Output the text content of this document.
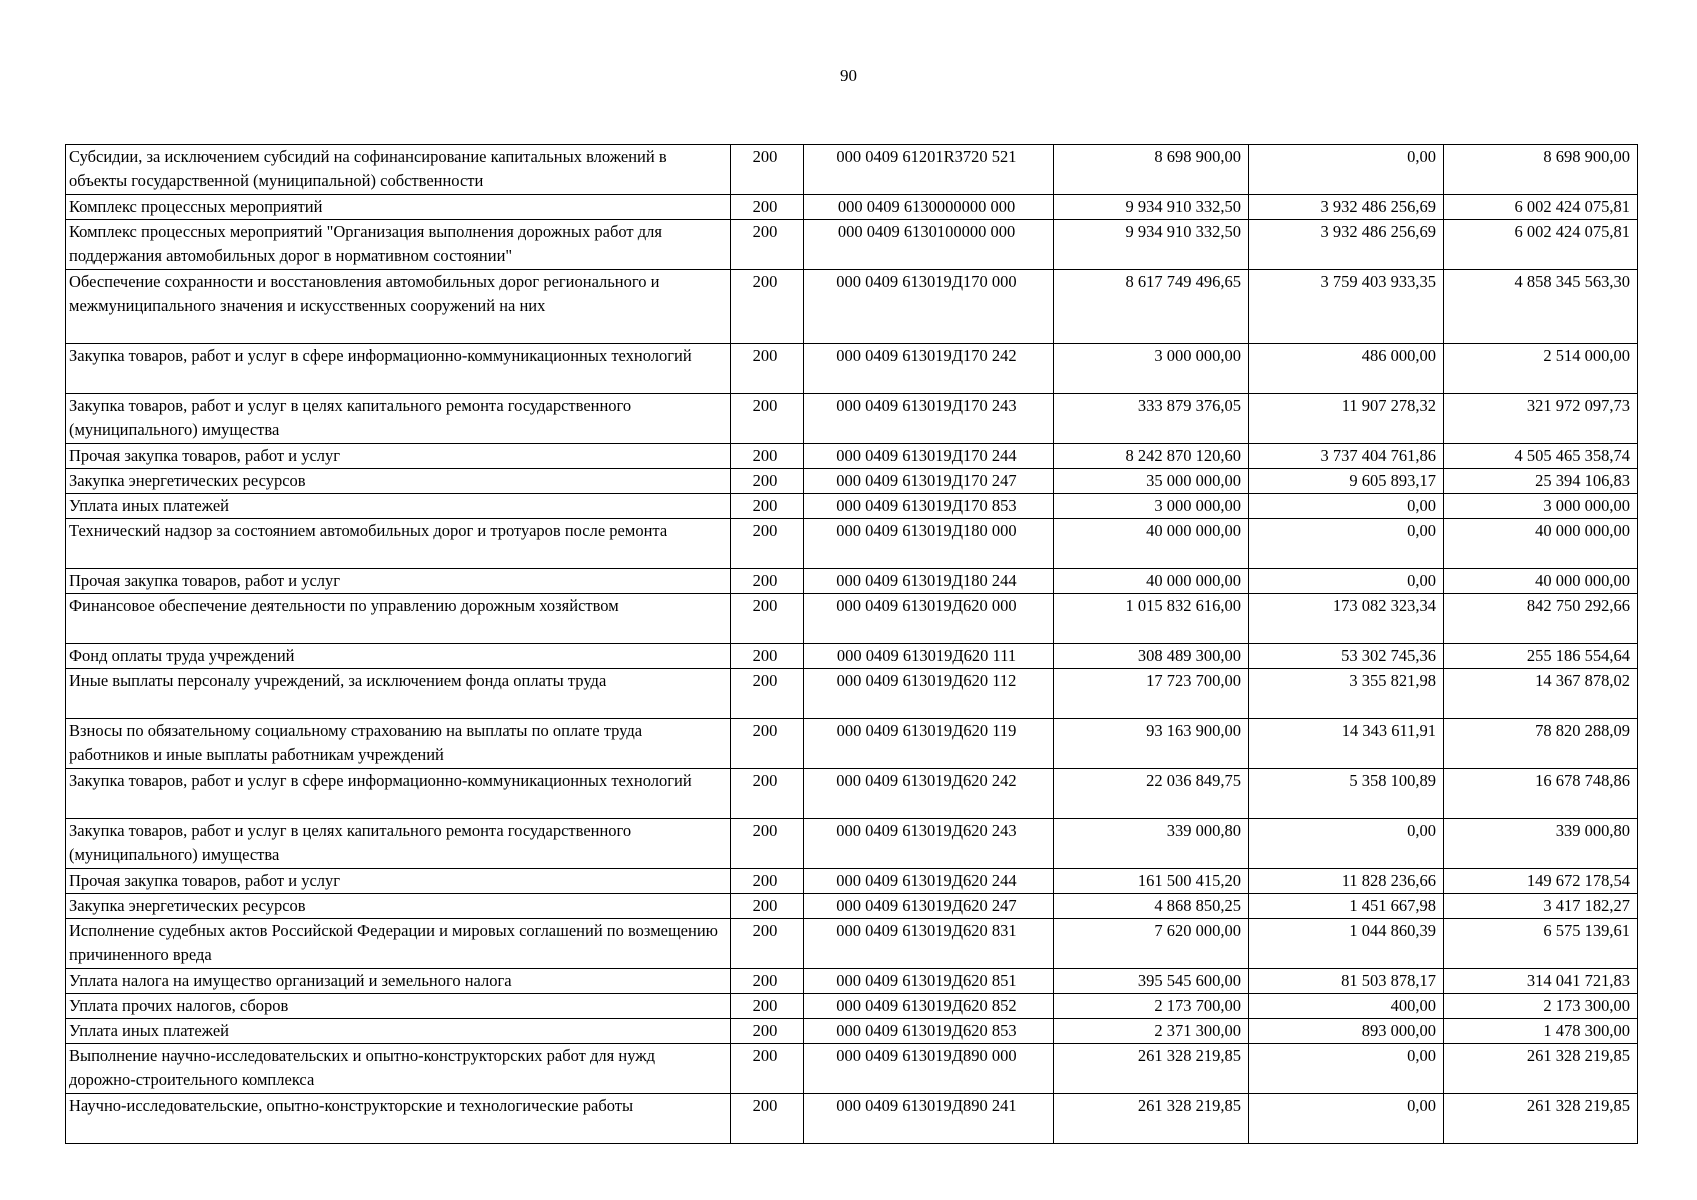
90
Субсидии, за исключением субсидий на софинансирование капитальных вложений в объекты государственной (муниципальной) собственности	200	000 0409 61201R3720 521	8 698 900,00	0,00	8 698 900,00
Комплекс процессных мероприятий	200	000 0409 6130000000 000	9 934 910 332,50	3 932 486 256,69	6 002 424 075,81
Комплекс процессных мероприятий "Организация выполнения дорожных работ для поддержания автомобильных дорог в нормативном состоянии"	200	000 0409 6130100000 000	9 934 910 332,50	3 932 486 256,69	6 002 424 075,81
Обеспечение сохранности и восстановления автомобильных дорог регионального и межмуниципального значения и искусственных сооружений на них	200	000 0409 613019Д170 000	8 617 749 496,65	3 759 403 933,35	4 858 345 563,30
Закупка товаров, работ и услуг в сфере информационно-коммуникационных технологий	200	000 0409 613019Д170 242	3 000 000,00	486 000,00	2 514 000,00
Закупка товаров, работ и услуг в целях капитального ремонта государственного (муниципального) имущества	200	000 0409 613019Д170 243	333 879 376,05	11 907 278,32	321 972 097,73
Прочая закупка товаров, работ и услуг	200	000 0409 613019Д170 244	8 242 870 120,60	3 737 404 761,86	4 505 465 358,74
Закупка энергетических ресурсов	200	000 0409 613019Д170 247	35 000 000,00	9 605 893,17	25 394 106,83
Уплата иных платежей	200	000 0409 613019Д170 853	3 000 000,00	0,00	3 000 000,00
Технический надзор за состоянием автомобильных дорог и тротуаров после ремонта	200	000 0409 613019Д180 000	40 000 000,00	0,00	40 000 000,00
Прочая закупка товаров, работ и услуг	200	000 0409 613019Д180 244	40 000 000,00	0,00	40 000 000,00
Финансовое обеспечение деятельности по управлению дорожным хозяйством	200	000 0409 613019Д620 000	1 015 832 616,00	173 082 323,34	842 750 292,66
Фонд оплаты труда учреждений	200	000 0409 613019Д620 111	308 489 300,00	53 302 745,36	255 186 554,64
Иные выплаты персоналу учреждений, за исключением фонда оплаты труда	200	000 0409 613019Д620 112	17 723 700,00	3 355 821,98	14 367 878,02
Взносы по обязательному социальному страхованию на выплаты по оплате труда работников и иные выплаты работникам учреждений	200	000 0409 613019Д620 119	93 163 900,00	14 343 611,91	78 820 288,09
Закупка товаров, работ и услуг в сфере информационно-коммуникационных технологий	200	000 0409 613019Д620 242	22 036 849,75	5 358 100,89	16 678 748,86
Закупка товаров, работ и услуг в целях капитального ремонта государственного (муниципального) имущества	200	000 0409 613019Д620 243	339 000,80	0,00	339 000,80
Прочая закупка товаров, работ и услуг	200	000 0409 613019Д620 244	161 500 415,20	11 828 236,66	149 672 178,54
Закупка энергетических ресурсов	200	000 0409 613019Д620 247	4 868 850,25	1 451 667,98	3 417 182,27
Исполнение судебных актов Российской Федерации и мировых соглашений по возмещению причиненного вреда	200	000 0409 613019Д620 831	7 620 000,00	1 044 860,39	6 575 139,61
Уплата налога на имущество организаций и земельного налога	200	000 0409 613019Д620 851	395 545 600,00	81 503 878,17	314 041 721,83
Уплата прочих налогов, сборов	200	000 0409 613019Д620 852	2 173 700,00	400,00	2 173 300,00
Уплата иных платежей	200	000 0409 613019Д620 853	2 371 300,00	893 000,00	1 478 300,00
Выполнение научно-исследовательских и опытно-конструкторских работ для нужд дорожно-строительного комплекса	200	000 0409 613019Д890 000	261 328 219,85	0,00	261 328 219,85
Научно-исследовательские, опытно-конструкторские и технологические работы	200	000 0409 613019Д890 241	261 328 219,85	0,00	261 328 219,85
